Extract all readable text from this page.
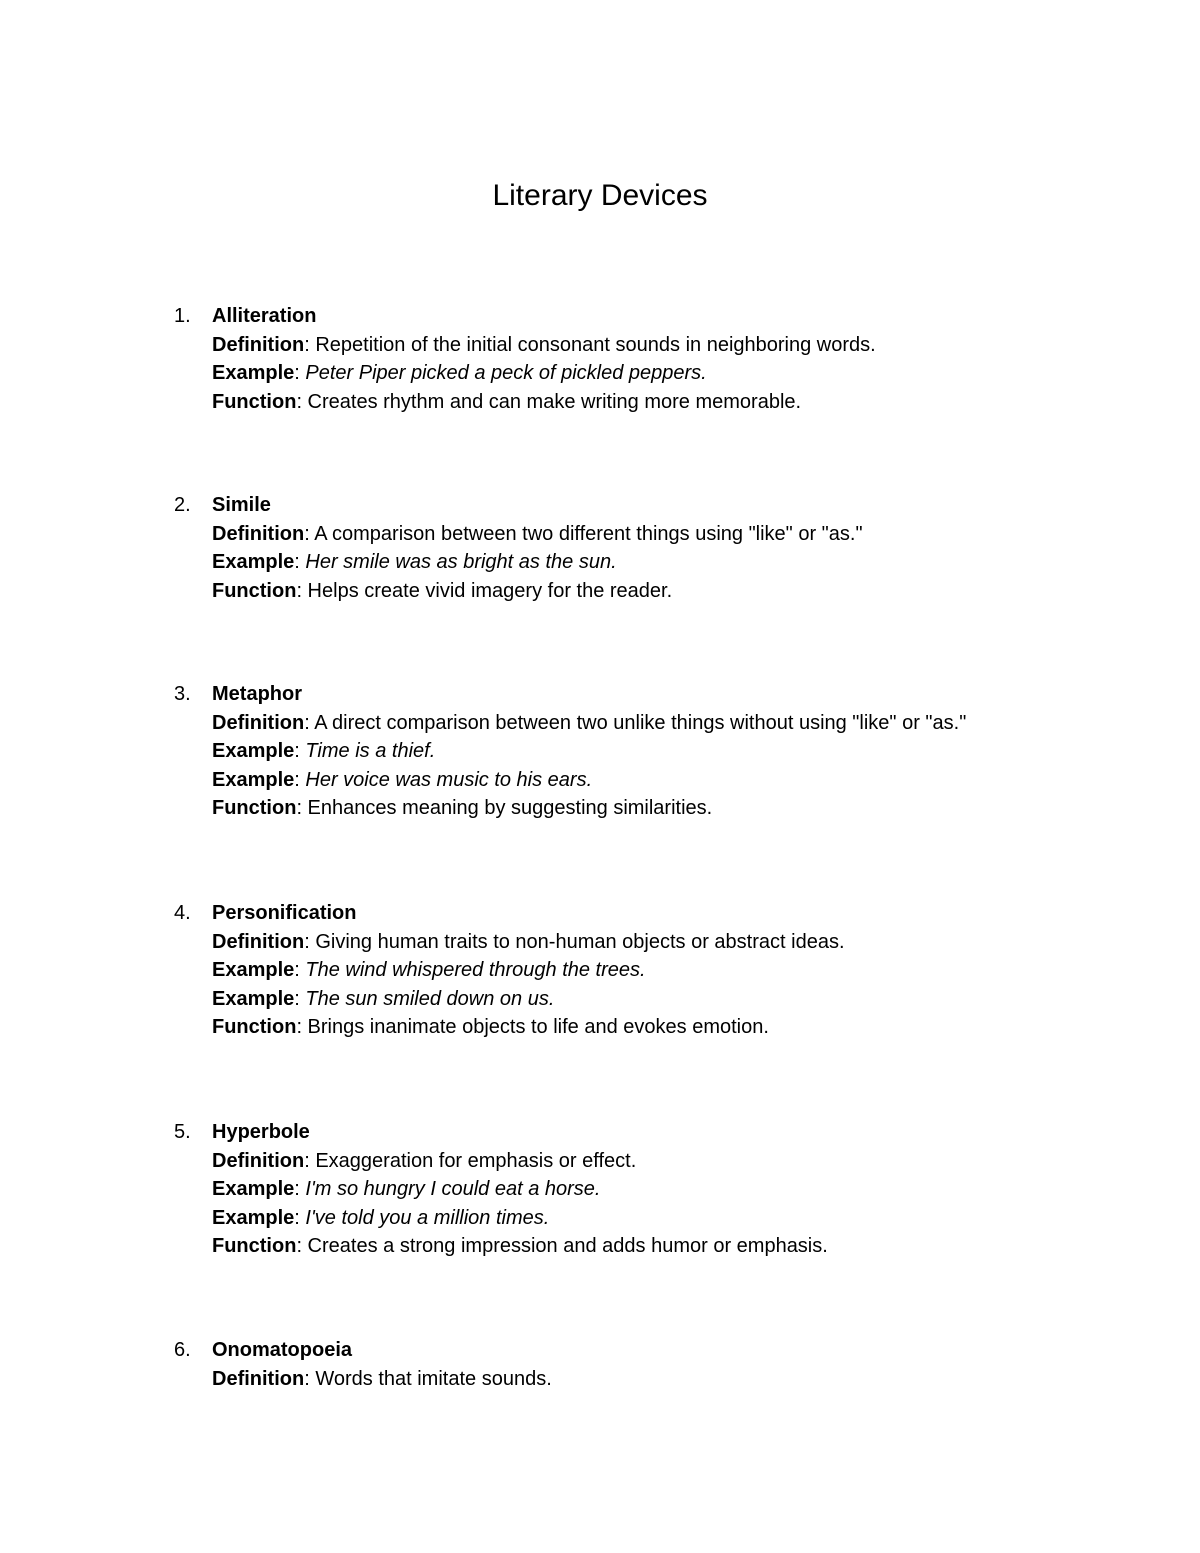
Literary Devices
1. Alliteration
Definition: Repetition of the initial consonant sounds in neighboring words.
Example: Peter Piper picked a peck of pickled peppers.
Function: Creates rhythm and can make writing more memorable.
2. Simile
Definition: A comparison between two different things using "like" or "as."
Example: Her smile was as bright as the sun.
Function: Helps create vivid imagery for the reader.
3. Metaphor
Definition: A direct comparison between two unlike things without using "like" or "as."
Example: Time is a thief.
Example: Her voice was music to his ears.
Function: Enhances meaning by suggesting similarities.
4. Personification
Definition: Giving human traits to non-human objects or abstract ideas.
Example: The wind whispered through the trees.
Example: The sun smiled down on us.
Function: Brings inanimate objects to life and evokes emotion.
5. Hyperbole
Definition: Exaggeration for emphasis or effect.
Example: I'm so hungry I could eat a horse.
Example: I've told you a million times.
Function: Creates a strong impression and adds humor or emphasis.
6. Onomatopoeia
Definition: Words that imitate sounds.
